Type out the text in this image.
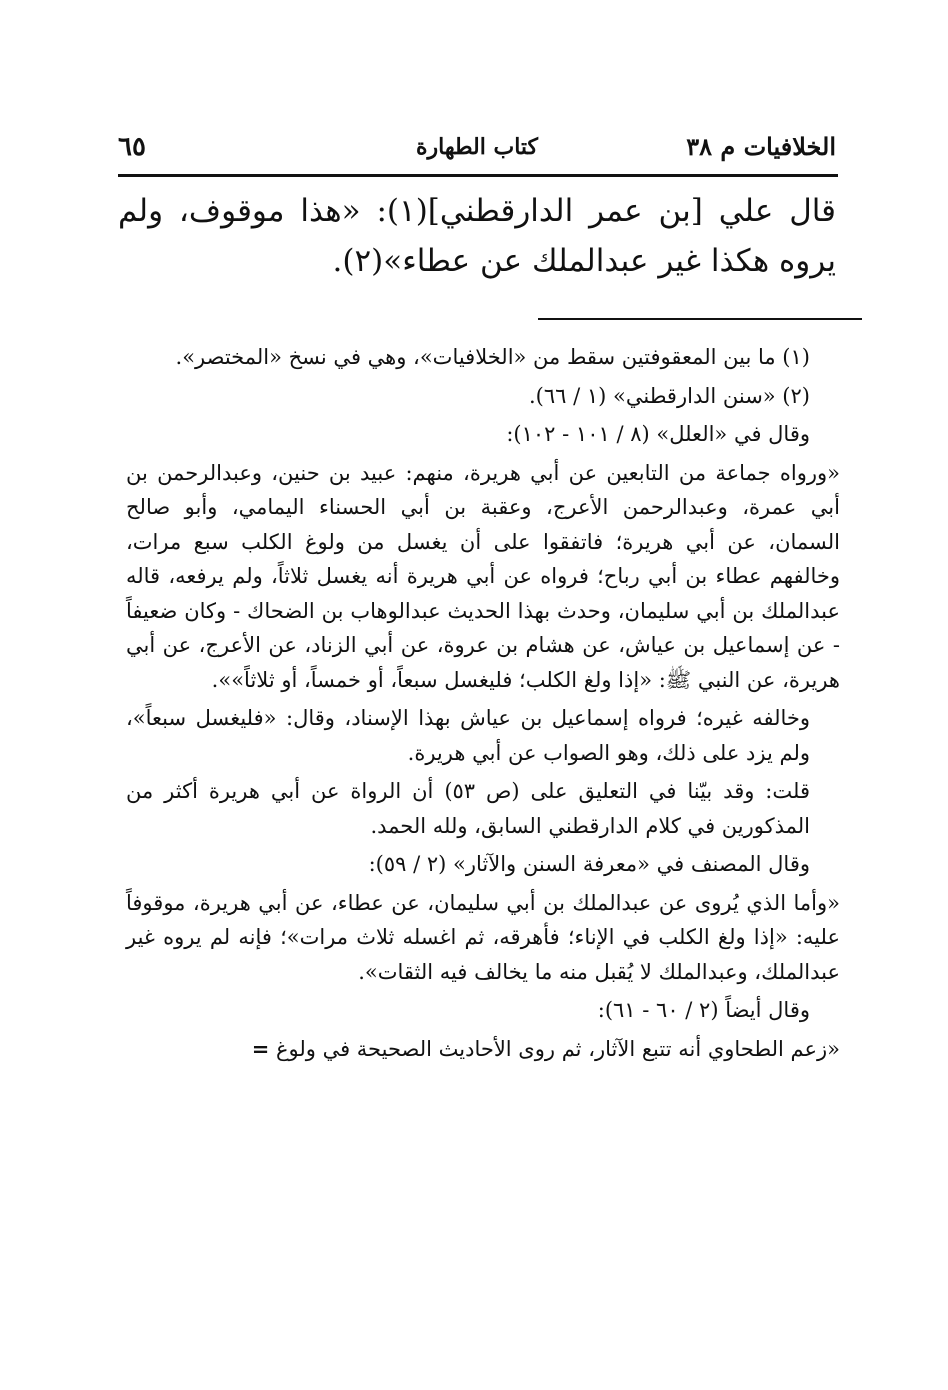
٦٥	كتاب الطهارة	الخلافيات م ٣٨

قال علي [بن عمر الدارقطني](١): «هذا موقوف، ولم يروه هكذا غير عبدالملك عن عطاء»(٢).

(١) ما بين المعقوفتين سقط من «الخلافيات»، وهي في نسخ «المختصر».

(٢) «سنن الدارقطني» (١ / ٦٦).

وقال في «العلل» (٨ / ١٠١ - ١٠٢):

«ورواه جماعة من التابعين عن أبي هريرة، منهم: عبيد بن حنين، وعبدالرحمن بن أبي عمرة، وعبدالرحمن الأعرج، وعقبة بن أبي الحسناء اليمامي، وأبو صالح السمان، عن أبي هريرة؛ فاتفقوا على أن يغسل من ولوغ الكلب سبع مرات، وخالفهم عطاء بن أبي رباح؛ فرواه عن أبي هريرة أنه يغسل ثلاثاً، ولم يرفعه، قاله عبدالملك بن أبي سليمان، وحدث بهذا الحديث عبدالوهاب بن الضحاك - وكان ضعيفاً - عن إسماعيل بن عياش، عن هشام بن عروة، عن أبي الزناد، عن الأعرج، عن أبي هريرة، عن النبي ﷺ: «إذا ولغ الكلب؛ فليغسل سبعاً، أو خمساً، أو ثلاثاً»».

وخالفه غيره؛ فرواه إسماعيل بن عياش بهذا الإسناد، وقال: «فليغسل سبعاً»، ولم يزد على ذلك، وهو الصواب عن أبي هريرة.

قلت: وقد بيّنا في التعليق على (ص ٥٣) أن الرواة عن أبي هريرة أكثر من المذكورين في كلام الدارقطني السابق، ولله الحمد.

وقال المصنف في «معرفة السنن والآثار» (٢ / ٥٩):

«وأما الذي يُروى عن عبدالملك بن أبي سليمان، عن عطاء، عن أبي هريرة، موقوفاً عليه: «إذا ولغ الكلب في الإناء؛ فأهرقه، ثم اغسله ثلاث مرات»؛ فإنه لم يروه غير عبدالملك، وعبدالملك لا يُقبل منه ما يخالف فيه الثقات».

وقال أيضاً (٢ / ٦٠ - ٦١):

«زعم الطحاوي أنه تتبع الآثار، ثم روى الأحاديث الصحيحة في ولوغ =
